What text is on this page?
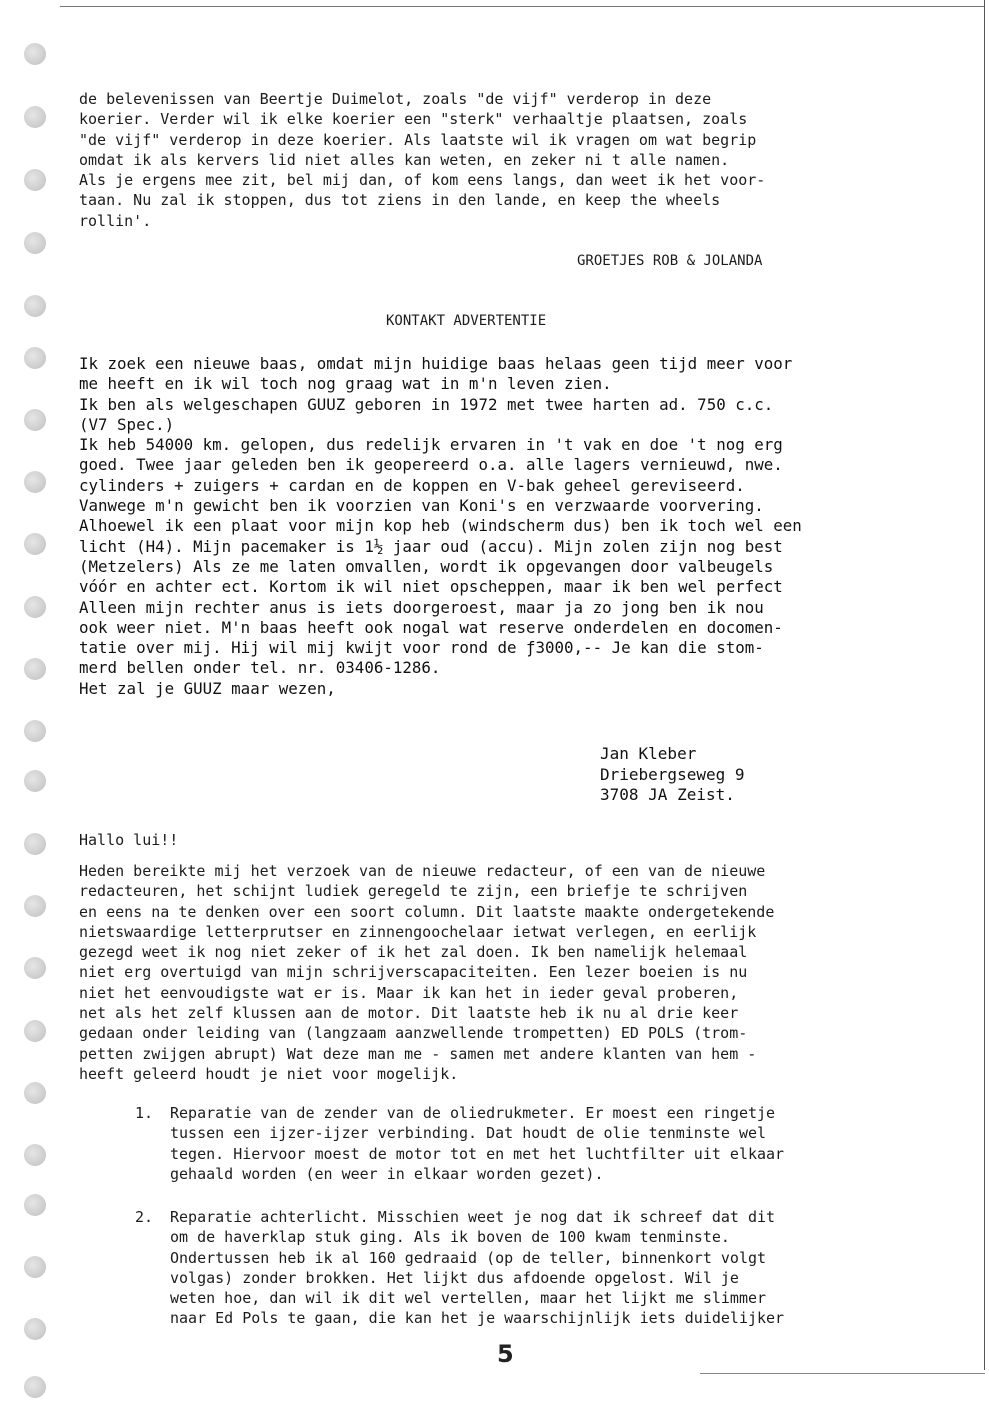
de belevenissen van Beertje Duimelot, zoals "de vijf" verderop in deze
koerier. Verder wil ik elke koerier een "sterk" verhaaltje plaatsen, zoals
"de vijf" verderop in deze koerier. Als laatste wil ik vragen om wat begrip
omdat ik als kervers lid niet alles kan weten, en zeker ni t alle namen.
Als je ergens mee zit, bel mij dan, of kom eens langs, dan weet ik het voor-
taan. Nu zal ik stoppen, dus tot ziens in den lande, en keep the wheels
rollin'.
GROETJES ROB & JOLANDA
KONTAKT ADVERTENTIE
Ik zoek een nieuwe baas, omdat mijn huidige baas helaas geen tijd meer voor
me heeft en ik wil toch nog graag wat in m'n leven zien.
Ik ben als welgeschapen GUUZ geboren in 1972 met twee harten ad. 750 c.c.
(V7 Spec.)
Ik heb 54000 km. gelopen, dus redelijk ervaren in 't vak en doe 't nog erg
goed. Twee jaar geleden ben ik geopereerd o.a. alle lagers vernieuwd, nwe.
cylinders + zuigers + cardan en de koppen en V-bak geheel gereviseerd.
Vanwege m'n gewicht ben ik voorzien van Koni's en verzwaarde voorvering.
Alhoewel ik een plaat voor mijn kop heb (windscherm dus) ben ik toch wel een
licht (H4). Mijn pacemaker is 1½ jaar oud (accu). Mijn zolen zijn nog best
(Metzelers) Als ze me laten omvallen, wordt ik opgevangen door valbeugels
vóór en achter ect. Kortom ik wil niet opscheppen, maar ik ben wel perfect
Alleen mijn rechter anus is iets doorgeroest, maar ja zo jong ben ik nou
ook weer niet. M'n baas heeft ook nogal wat reserve onderdelen en docomen-
tatie over mij. Hij wil mij kwijt voor rond de ƒ3000,-- Je kan die stom-
merd bellen onder tel. nr. 03406-1286.
Het zal je GUUZ maar wezen,
Jan Kleber
Driebergseweg 9
3708 JA Zeist.
Hallo lui!!
Heden bereikte mij het verzoek van de nieuwe redacteur, of een van de nieuwe
redacteuren, het schijnt ludiek geregeld te zijn, een briefje te schrijven
en eens na te denken over een soort column. Dit laatste maakte ondergetekende
nietswaardige letterprutser en zinnengoochelaar ietwat verlegen, en eerlijk
gezegd weet ik nog niet zeker of ik het zal doen. Ik ben namelijk helemaal
niet erg overtuigd van mijn schrijverscapaciteiten. Een lezer boeien is nu
niet het eenvoudigste wat er is. Maar ik kan het in ieder geval proberen,
net als het zelf klussen aan de motor. Dit laatste heb ik nu al drie keer
gedaan onder leiding van (langzaam aanzwellende trompetten) ED POLS (trom-
petten zwijgen abrupt) Wat deze man me - samen met andere klanten van hem -
heeft geleerd houdt je niet voor mogelijk.
1. Reparatie van de zender van de oliedrukmeter. Er moest een ringetje
tussen een ijzer-ijzer verbinding. Dat houdt de olie tenminste wel
tegen. Hiervoor moest de motor tot en met het luchtfilter uit elkaar
gehaald worden (en weer in elkaar worden gezet).
2. Reparatie achterlicht. Misschien weet je nog dat ik schreef dat dit
om de haverklap stuk ging. Als ik boven de 100 kwam tenminste.
Ondertussen heb ik al 160 gedraaid (op de teller, binnenkort volgt
volgas) zonder brokken. Het lijkt dus afdoende opgelost. Wil je
weten hoe, dan wil ik dit wel vertellen, maar het lijkt me slimmer
naar Ed Pols te gaan, die kan het je waarschijnlijk iets duidelijker
5
